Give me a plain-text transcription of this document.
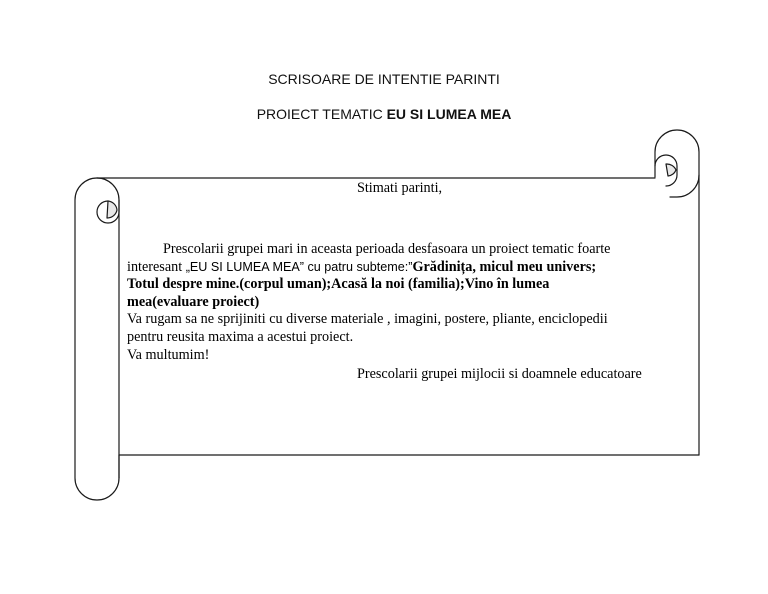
SCRISOARE DE INTENTIE PARINTI
PROIECT TEMATIC EU SI LUMEA MEA
Stimati parinti,
Prescolarii grupei mari in aceasta perioada desfasoara un proiect tematic foarte
interesant „EU SI LUMEA MEA” cu patru subteme:”Grădinița, micul meu univers;
Totul despre mine.(corpul uman);Acasă la noi (familia);Vino în lumea
mea(evaluare proiect)
Va rugam sa ne sprijiniti cu diverse materiale , imagini, postere, pliante, enciclopedii
pentru reusita maxima a acestui proiect.
Va multumim!
Prescolarii grupei mijlocii si doamnele educatoare
